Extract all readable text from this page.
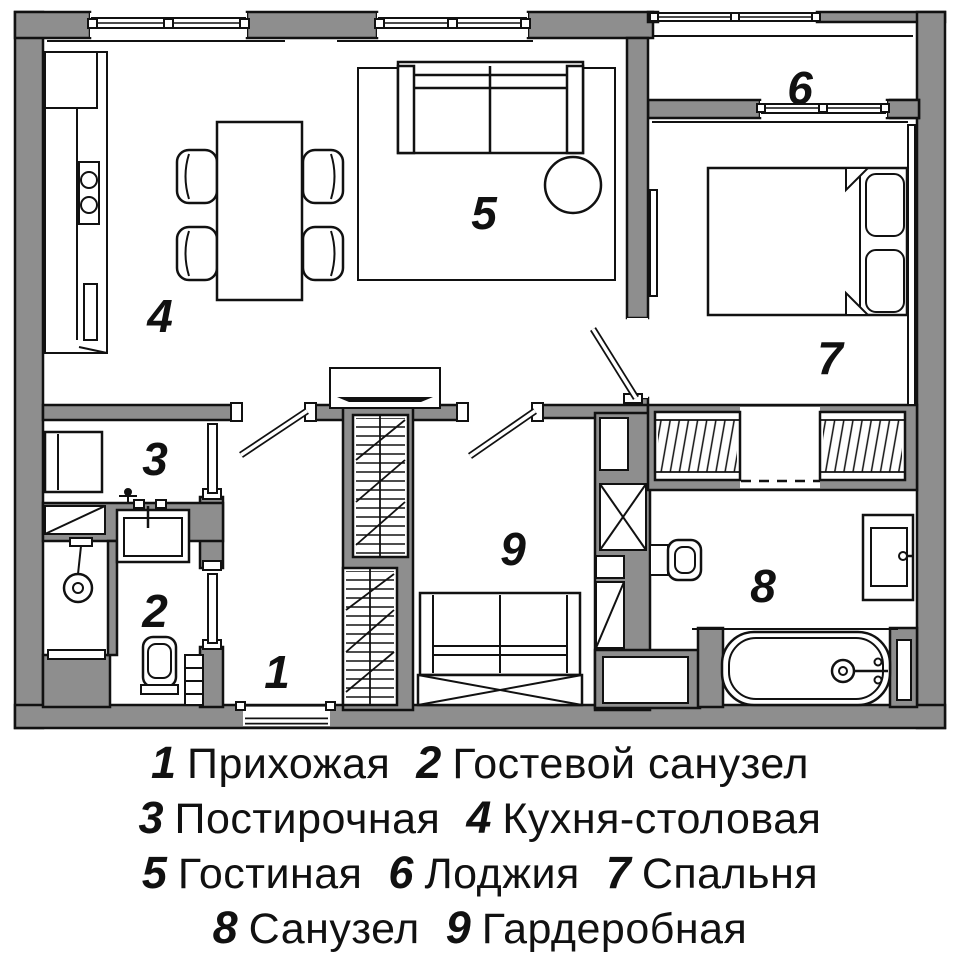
1
2
3
4
5
6
7
8
9
1 Прихожая 2 Гостевой санузел
3 Постирочная 4 Кухня-столовая
5 Гостиная 6 Лоджия 7 Спальня
8 Санузел 9 Гардеробная
